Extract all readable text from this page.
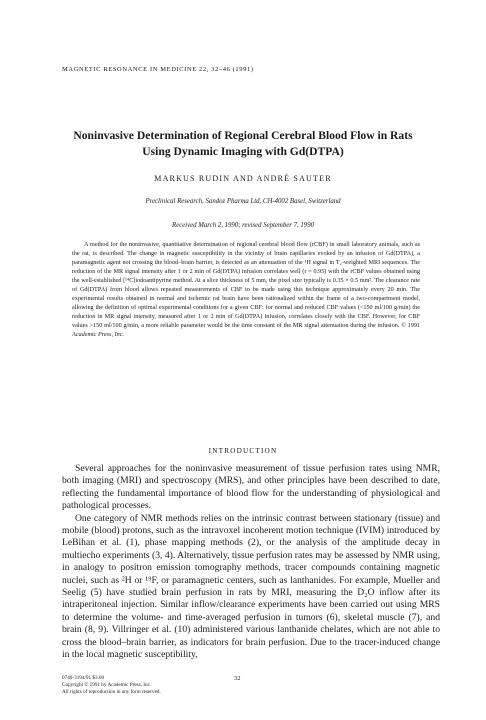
MAGNETIC RESONANCE IN MEDICINE 22, 32–46 (1991)
Noninvasive Determination of Regional Cerebral Blood Flow in Rats
Using Dynamic Imaging with Gd(DTPA)
MARKUS RUDIN AND ANDRÉ SAUTER
Preclinical Research, Sandoz Pharma Ltd, CH-4002 Basel, Switzerland
Received March 2, 1990; revised September 7, 1990

A method for the noninvasive, quantitative determination of regional cerebral blood flow (rCBF) in small laboratory animals, such as the rat, is described. The change in magnetic susceptibility in the vicinity of brain capillaries evoked by an infusion of Gd(DTPA), a paramagnetic agent not crossing the blood–brain barrier, is detected as an attenuation of the ¹H signal in T₂-weighted MRI sequences. The reduction of the MR signal intensity after 1 or 2 min of Gd(DTPA) infusion correlates well (r = 0.95) with the rCBF values obtained using the well-established [¹⁴C]iodoantipyrine method. At a slice thickness of 5 mm, the pixel size typically is 0.35 × 0.5 mm². The clearance rate of Gd(DTPA) from blood allows repeated measurements of CBF to be made using this technique approximately every 20 min. The experimental results obtained in normal and ischemic rat brain have been rationalized within the frame of a two-compartment model, allowing the definition of optimal experimental conditions for a given CBF: for normal and reduced CBF values (<150 ml/100 g/min) the reduction in MR signal intensity, measured after 1 or 2 min of Gd(DTPA) infusion, correlates closely with the CBF. However, for CBF values >150 ml/100 g/min, a more reliable parameter would be the time constant of the MR signal attenuation during the infusion. © 1991 Academic Press, Inc.

INTRODUCTION

Several approaches for the noninvasive measurement of tissue perfusion rates using NMR, both imaging (MRI) and spectroscopy (MRS), and other principles have been described to date, reflecting the fundamental importance of blood flow for the understanding of physiological and pathological processes.

One category of NMR methods relies on the intrinsic contrast between stationary (tissue) and mobile (blood) protons, such as the intravoxel incoherent motion technique (IVIM) introduced by LeBihan et al. (1), phase mapping methods (2), or the analysis of the amplitude decay in multiecho experiments (3, 4). Alternatively, tissue perfusion rates may be assessed by NMR using, in analogy to positron emission tomography methods, tracer compounds containing magnetic nuclei, such as ²H or ¹⁹F, or paramagnetic centers, such as lanthanides. For example, Mueller and Seelig (5) have studied brain perfusion in rats by MRI, measuring the D₂O inflow after its intraperitoneal injection. Similar inflow/clearance experiments have been carried out using MRS to determine the volume- and time-averaged perfusion in tumors (6), skeletal muscle (7), and brain (8, 9). Villringer et al. (10) administered various lanthanide chelates, which are not able to cross the blood–brain barrier, as indicators for brain perfusion. Due to the tracer-induced change in the local magnetic susceptibility,

0740-3194/91 $3.00
Copyright © 1991 by Academic Press, Inc.
All rights of reproduction in any form reserved.
32
